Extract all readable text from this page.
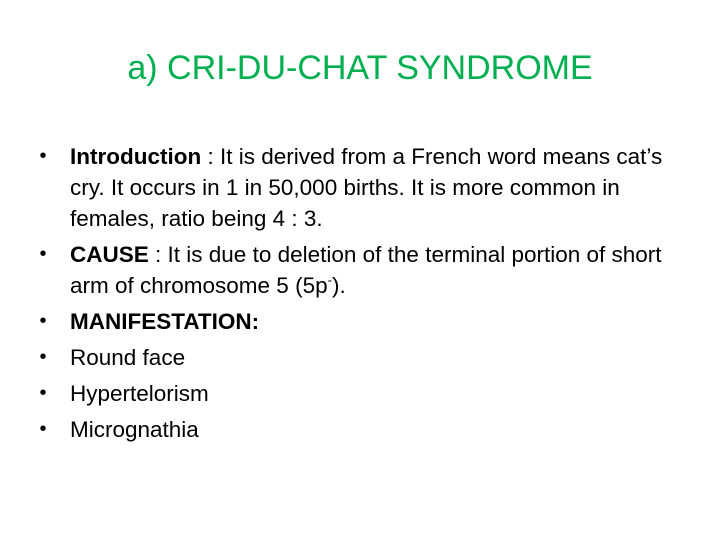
a) CRI-DU-CHAT SYNDROME
• Introduction : It is derived from a French word means cat’s cry. It occurs in 1 in 50,000 births. It is more common in females, ratio being 4 : 3.
• CAUSE : It is due to deletion of the terminal portion of short arm of chromosome 5 (5p-).
• MANIFESTATION:
• Round face
• Hypertelorism
• Micrognathia
